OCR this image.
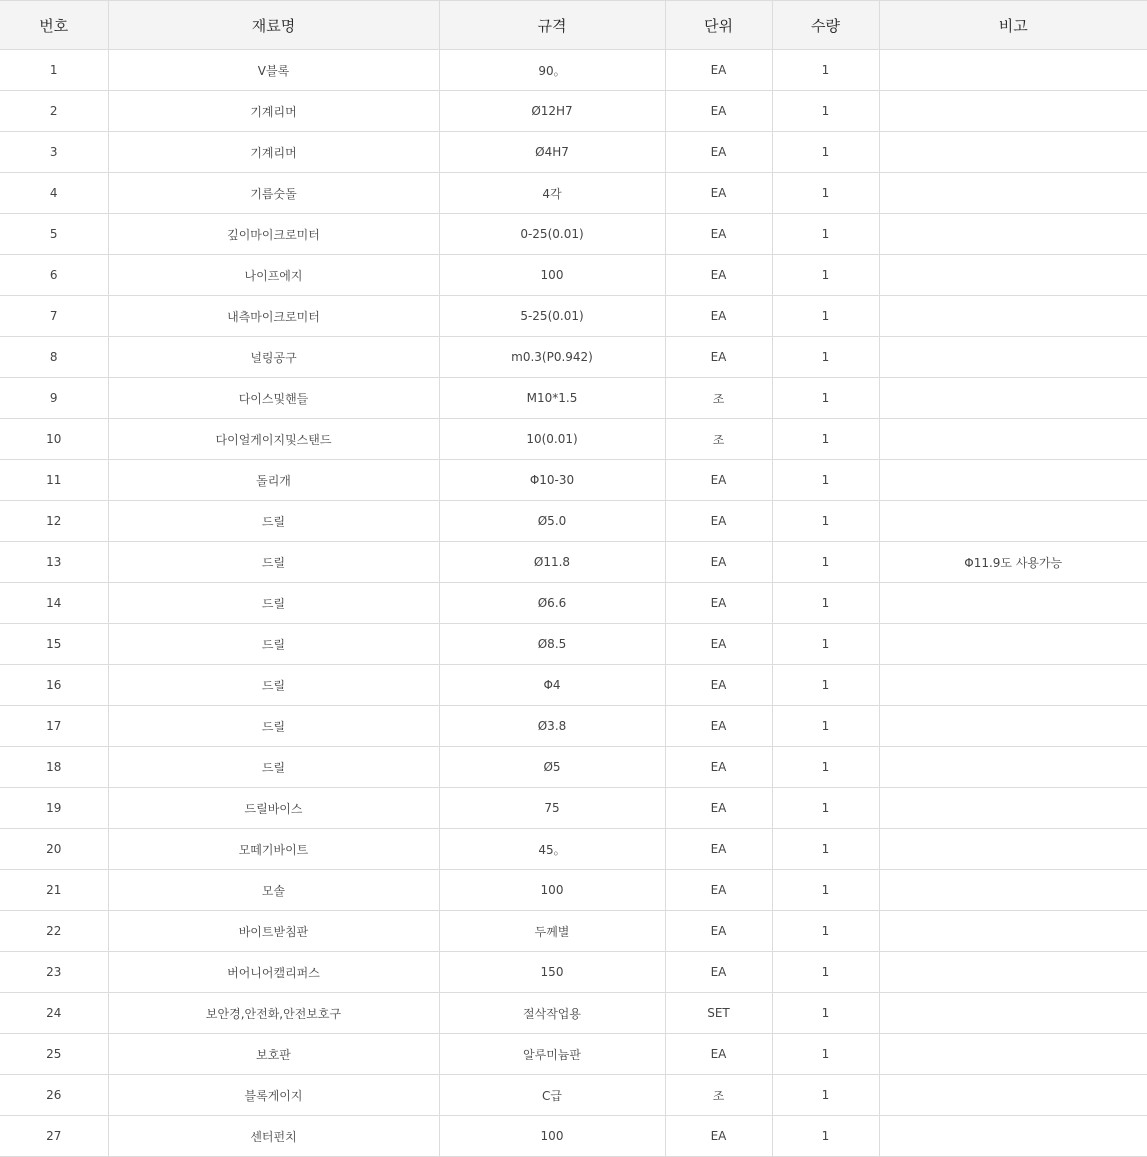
번호	재료명	규격	단위	수량	비고
1	V블록	90。	EA	1	
2	기계리머	Ø12H7	EA	1	
3	기계리머	Ø4H7	EA	1	
4	기름숫돌	4각	EA	1	
5	깊이마이크로미터	0-25(0.01)	EA	1	
6	나이프에지	100	EA	1	
7	내측마이크로미터	5-25(0.01)	EA	1	
8	널링공구	m0.3(P0.942)	EA	1	
9	다이스및핸들	M10*1.5	조	1	
10	다이얼게이지및스탠드	10(0.01)	조	1	
11	돌리개	Φ10-30	EA	1	
12	드릴	Ø5.0	EA	1	
13	드릴	Ø11.8	EA	1	Φ11.9도 사용가능
14	드릴	Ø6.6	EA	1	
15	드릴	Ø8.5	EA	1	
16	드릴	Φ4	EA	1	
17	드릴	Ø3.8	EA	1	
18	드릴	Ø5	EA	1	
19	드릴바이스	75	EA	1	
20	모떼기바이트	45。	EA	1	
21	모솔	100	EA	1	
22	바이트받침판	두께별	EA	1	
23	버어니어캘리퍼스	150	EA	1	
24	보안경,안전화,안전보호구	절삭작업용	SET	1	
25	보호판	알루미늄판	EA	1	
26	블록게이지	C급	조	1	
27	센터펀치	100	EA	1	
